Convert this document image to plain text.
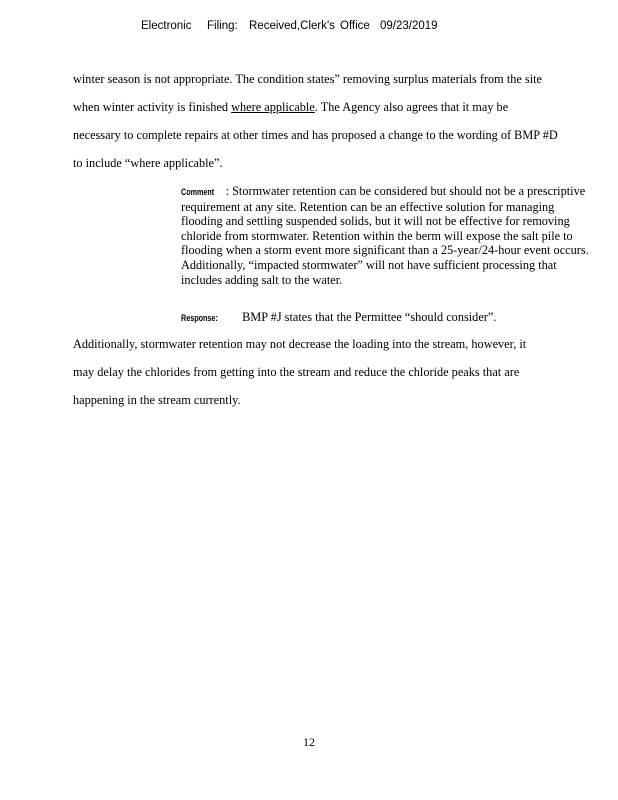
Electronic Filing: Received,Clerk's Office 09/23/2019
winter season is not appropriate. The condition states” removing surplus materials from the site
when winter activity is finished where applicable. The Agency also agrees that it may be
necessary to complete repairs at other times and has proposed a change to the wording of BMP #D
to include “where applicable”.
Comment : Stormwater retention can be considered but should not be a prescriptive requirement at any site. Retention can be an effective solution for managing flooding and settling suspended solids, but it will not be effective for removing chloride from stormwater. Retention within the berm will expose the salt pile to flooding when a storm event more significant than a 25-year/24-hour event occurs. Additionally, “impacted stormwater” will not have sufficient processing that includes adding salt to the water.
Response: BMP #J states that the Permittee “should consider”.
Additionally, stormwater retention may not decrease the loading into the stream, however, it
may delay the chlorides from getting into the stream and reduce the chloride peaks that are
happening in the stream currently.
12
